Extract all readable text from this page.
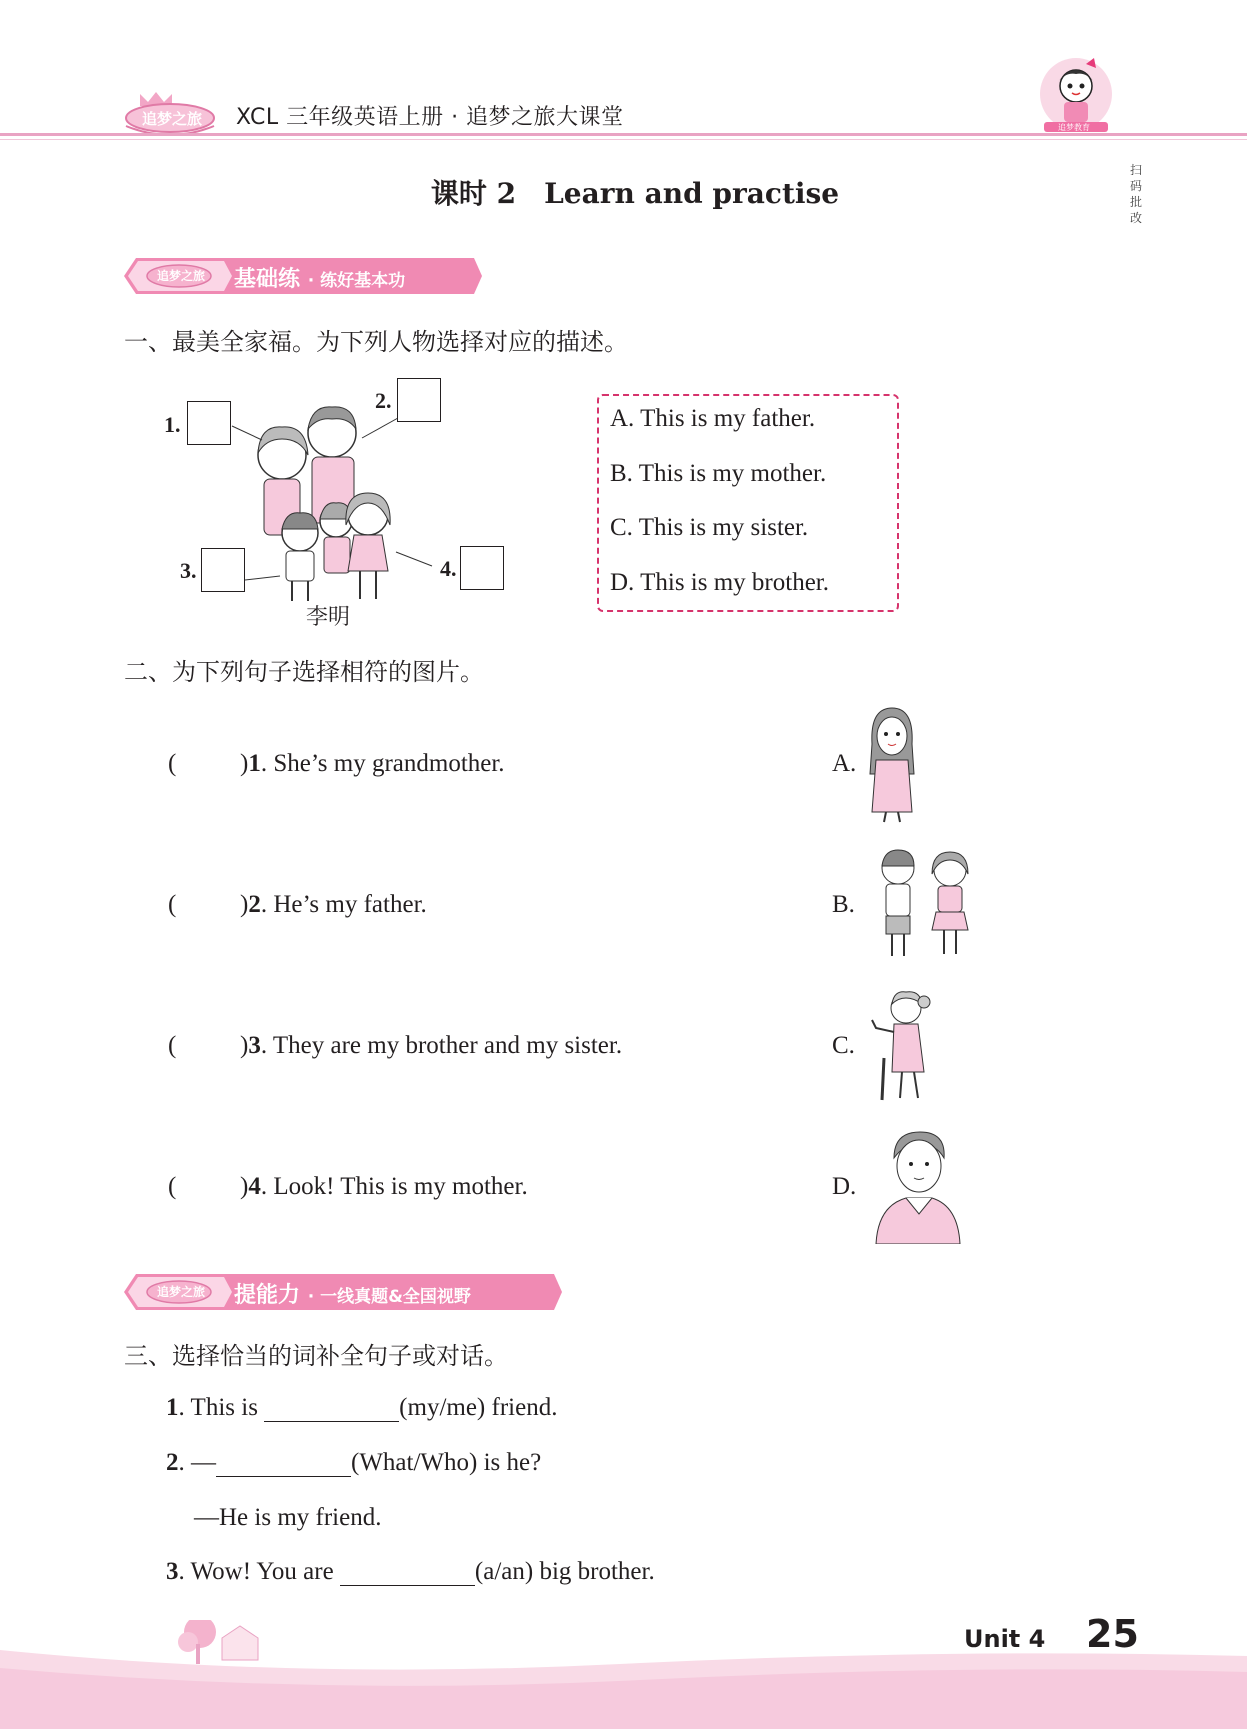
追梦之旅 XCL 三年级英语上册 · 追梦之旅大课堂	追梦教育
课时 2　Learn and practise
扫码批改
追梦之旅 基础练 · 练好基本功
一、最美全家福。为下列人物选择对应的描述。
1.
2.
3.	4.
李明
A. This is my father.
B. This is my mother.
C. This is my sister.
D. This is my brother.
二、为下列句子选择相符的图片。
(	)1. She’s my grandmother.	A.
(	)2. He’s my father.	B.
(	)3. They are my brother and my sister.	C.
(	)4. Look! This is my mother.	D.
追梦之旅 提能力 · 一线真题&全国视野
三、选择恰当的词补全句子或对话。
1. This is	(my/me) friend.
2. —	(What/Who) is he?
—He is my friend.
3. Wow! You are	(a/an) big brother.
Unit 4 25
